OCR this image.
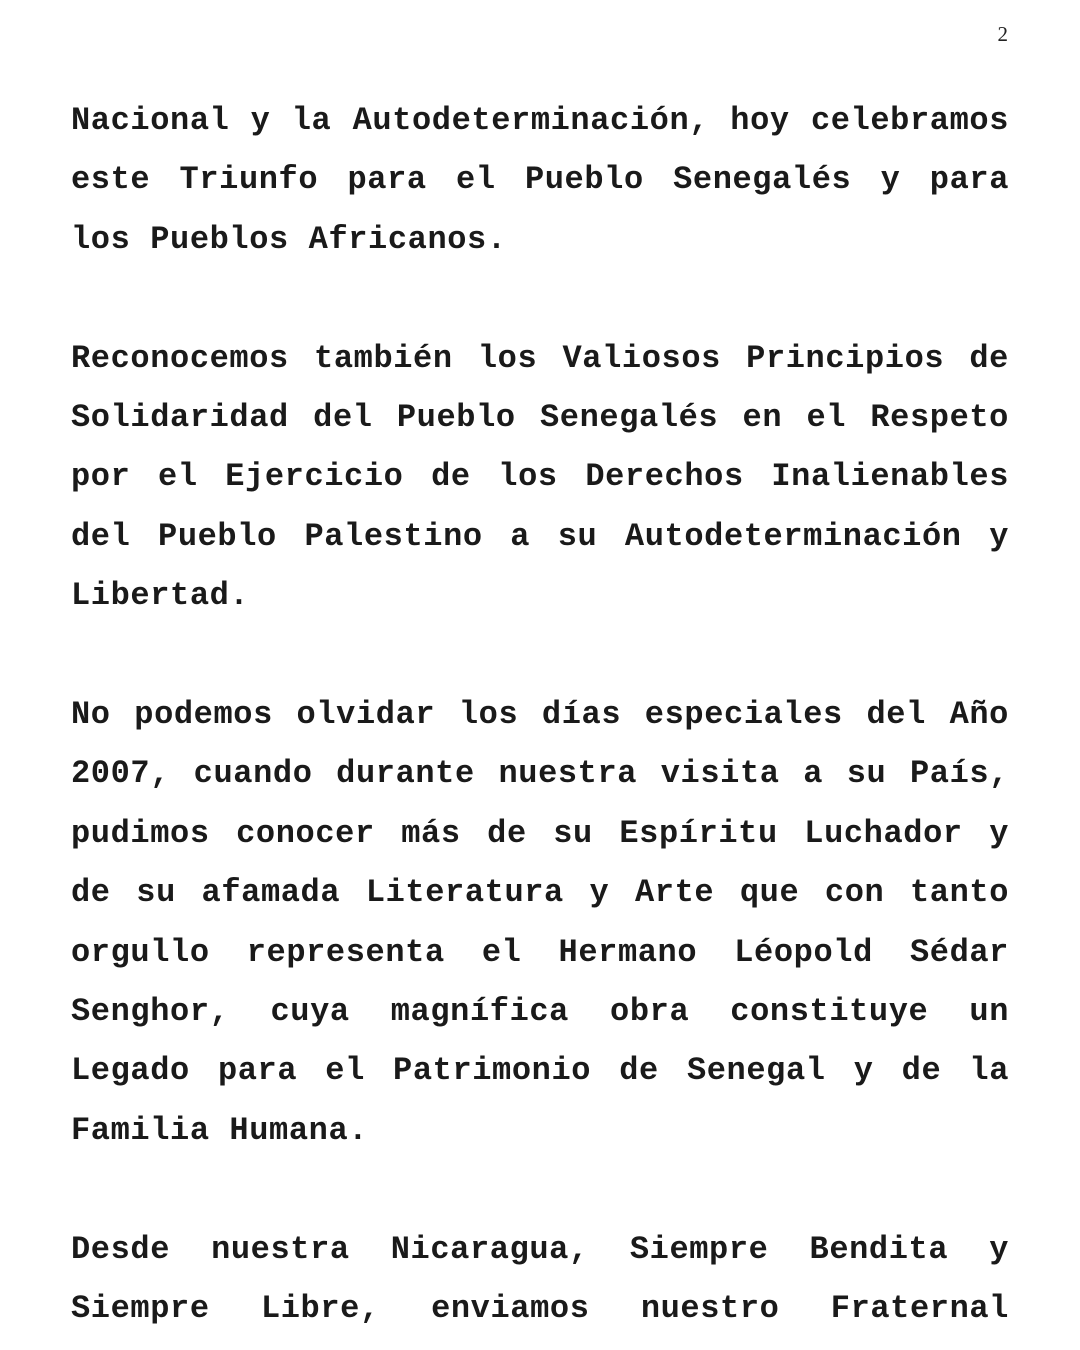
2

Nacional y la Autodeterminación, hoy celebramos este Triunfo para el Pueblo Senegalés y para los Pueblos Africanos.

Reconocemos también los Valiosos Principios de Solidaridad del Pueblo Senegalés en el Respeto por el Ejercicio de los Derechos Inalienables del Pueblo Palestino a su Autodeterminación y Libertad.

No podemos olvidar los días especiales del Año 2007, cuando durante nuestra visita a su País, pudimos conocer más de su Espíritu Luchador y de su afamada Literatura y Arte que con tanto orgullo representa el Hermano Léopold Sédar Senghor, cuya magnífica obra constituye un Legado para el Patrimonio de Senegal y de la Familia Humana.

Desde nuestra Nicaragua, Siempre Bendita y Siempre Libre, enviamos nuestro Fraternal
